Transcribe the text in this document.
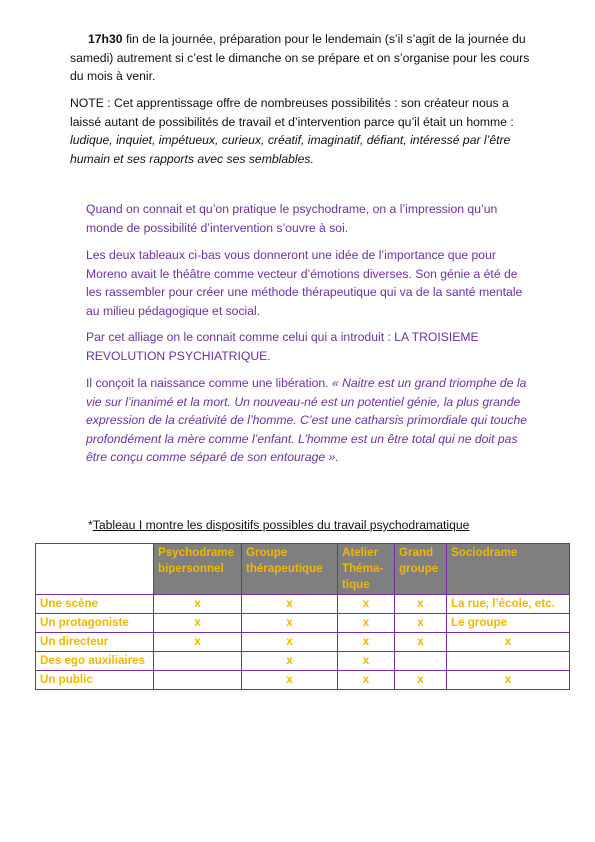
17h30 fin de la journée, préparation pour le lendemain (s’il s’agit de la journée du samedi) autrement si c’est le dimanche on se prépare et on s’organise pour les cours du mois à venir.

NOTE : Cet apprentissage offre de nombreuses possibilités : son créateur nous a laissé autant de possibilités de travail et d’intervention parce qu’il était un homme : ludique, inquiet, impétueux, curieux, créatif, imaginatif, défiant, intéressé par l’être humain et ses rapports avec ses semblables.

Quand on connait et qu’on pratique le psychodrame, on a l’impression qu’un monde de possibilité d’intervention s’ouvre à soi.

Les deux tableaux ci-bas vous donneront une idée de l’importance que pour Moreno avait le théâtre comme vecteur d’émotions diverses. Son génie a été de les rassembler pour créer une méthode thérapeutique qui va de la santé mentale au milieu pédagogique et social.

Par cet alliage on le connait comme celui qui a introduit : LA TROISIEME REVOLUTION PSYCHIATRIQUE.

Il conçoit la naissance comme une libération. « Naitre est un grand triomphe de la vie sur l’inanimé et la mort. Un nouveau-né est un potentiel génie, la plus grande expression de la créativité de l’homme. C’est une catharsis primordiale qui touche profondément la mère comme l’enfant. L’homme est un être total qui ne doit pas être conçu comme séparé de son entourage ».

*Tableau I montre les dispositifs possibles du travail psychodramatique

	Psychodrame bipersonnel	Groupe thérapeutique	Atelier Théma-tique	Grand groupe	Sociodrame
Une scène	x	x	x	x	La rue, l’école, etc.
Un protagoniste	x	x	x	x	Le groupe
Un directeur	x	x	x	x	x
Des ego auxiliaires		x	x		
Un public		x	x	x	x
